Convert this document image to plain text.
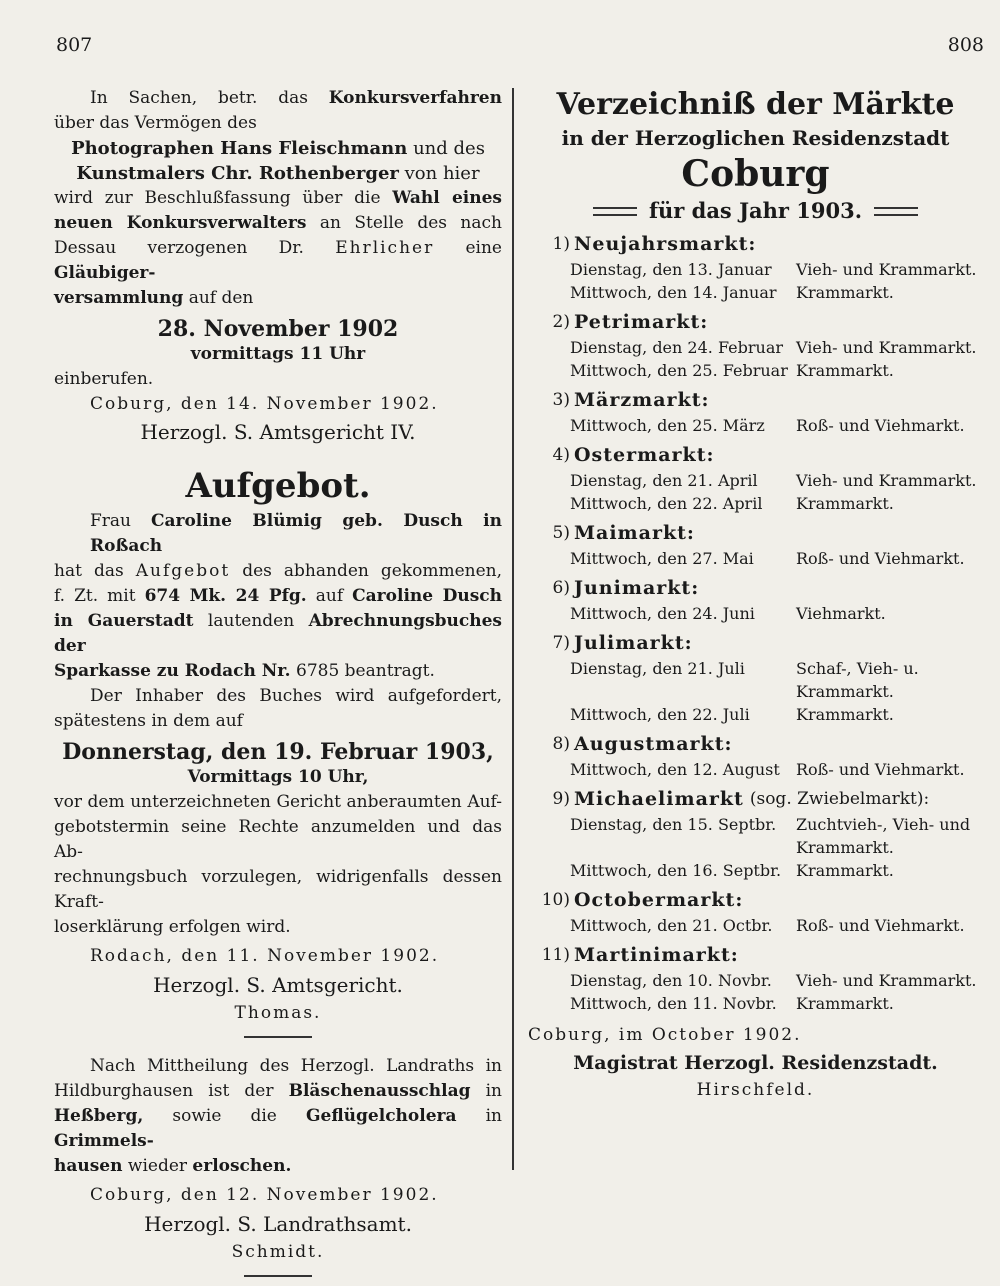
807	808
In Sachen, betr. das Konkursverfahren
über das Vermögen des
Photographen Hans Fleischmann und des
Kunstmalers Chr. Rothenberger von hier
wird zur Beschlußfassung über die Wahl eines
neuen Konkursverwalters an Stelle des nach
Dessau verzogenen Dr. Ehrlicher eine Gläubiger-
versammlung auf den
28. November 1902
vormittags 11 Uhr
einberufen.
Coburg, den 14. November 1902.
Herzogl. S. Amtsgericht IV.
Aufgebot.
Frau Caroline Blümig geb. Dusch in Roßach
hat das Aufgebot des abhanden gekommenen,
f. Zt. mit 674 Mk. 24 Pfg. auf Caroline Dusch
in Gauerstadt lautenden Abrechnungsbuches der
Sparkasse zu Rodach Nr. 6785 beantragt.
Der Inhaber des Buches wird aufgefordert,
spätestens in dem auf
Donnerstag, den 19. Februar 1903,
Vormittags 10 Uhr,
vor dem unterzeichneten Gericht anberaumten Auf-
gebotstermin seine Rechte anzumelden und das Ab-
rechnungsbuch vorzulegen, widrigenfalls dessen Kraft-
loserklärung erfolgen wird.
Rodach, den 11. November 1902.
Herzogl. S. Amtsgericht.
Thomas.
Nach Mittheilung des Herzogl. Landraths in
Hildburghausen ist der Bläschenausschlag in
Heßberg, sowie die Geflügelcholera in Grimmels-
hausen wieder erloschen.
Coburg, den 12. November 1902.
Herzogl. S. Landrathsamt.
Schmidt.
Verzeichniß der Märkte
in der Herzoglichen Residenzstadt
Coburg
für das Jahr 1903.
1) Neujahrsmarkt:
Dienstag, den 13. Januar	Vieh- und Krammarkt.
Mittwoch, den 14. Januar	Krammarkt.
2) Petrimarkt:
Dienstag, den 24. Februar Vieh- und Krammarkt.
Mittwoch, den 25. Februar Krammarkt.
3) Märzmarkt:
Mittwoch, den 25. März	Roß- und Viehmarkt.
4) Ostermarkt:
Dienstag, den 21. April	Vieh- und Krammarkt.
Mittwoch, den 22. April	Krammarkt.
5) Maimarkt:
Mittwoch, den 27. Mai	Roß- und Viehmarkt.
6) Junimarkt:
Mittwoch, den 24. Juni	Viehmarkt.
7) Julimarkt:
Dienstag, den 21. Juli	Schaf-, Vieh- u. Krammarkt.
Mittwoch, den 22. Juli	Krammarkt.
8) Augustmarkt:
Mittwoch, den 12. August	Roß- und Viehmarkt.
9) Michaelimarkt (sog. Zwiebelmarkt):
Dienstag, den 15. Septbr.	Zuchtvieh-, Vieh- und Krammarkt.
Mittwoch, den 16. Septbr. Krammarkt.
10) Octobermarkt:
Mittwoch, den 21. Octbr.	Roß- und Viehmarkt.
11) Martinimarkt:
Dienstag, den 10. Novbr.	Vieh- und Krammarkt.
Mittwoch, den 11. Novbr.	Krammarkt.
Coburg, im October 1902.
Magistrat Herzogl. Residenzstadt.
Hirschfeld.
